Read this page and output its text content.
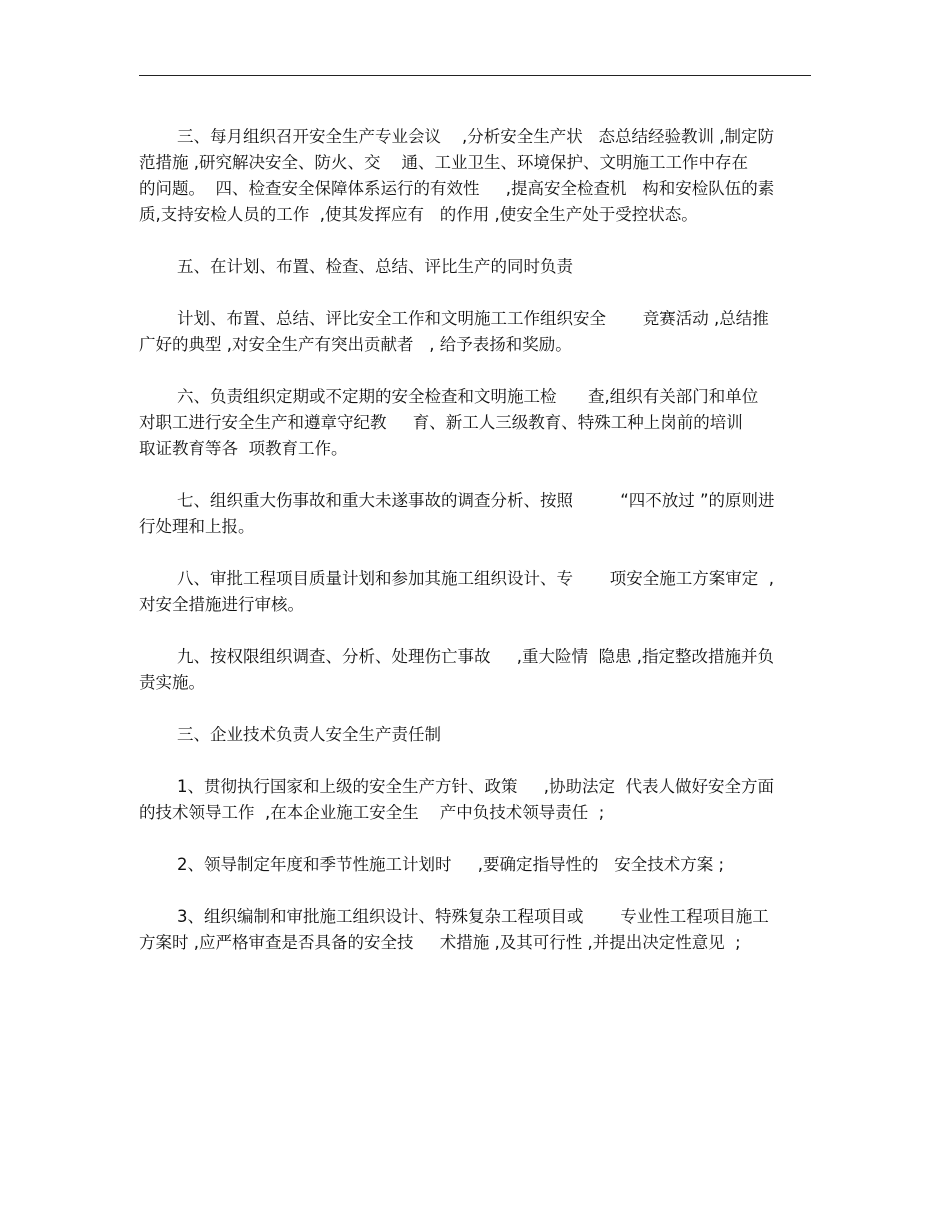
三、每月组织召开安全生产专业会议    ,分析安全生产状   态总结经验教训 ,制定防
范措施 ,研究解决安全、防火、交    通、工业卫生、环境保护、文明施工工作中存在
的问题。  四、检查安全保障体系运行的有效性     ,提高安全检查机   构和安检队伍的素
质,支持安检人员的工作  ,使其发挥应有   的作用 ,使安全生产处于受控状态。
五、在计划、布置、检查、总结、评比生产的同时负责
计划、布置、总结、评比安全工作和文明施工工作组织安全       竞赛活动 ,总结推
广好的典型 ,对安全生产有突出贡献者   , 给予表扬和奖励。
六、负责组织定期或不定期的安全检查和文明施工检      查,组织有关部门和单位
对职工进行安全生产和遵章守纪教     育、新工人三级教育、特殊工种上岗前的培训
取证教育等各  项教育工作。
七、组织重大伤事故和重大未遂事故的调查分析、按照         “四不放过 ”的原则进
行处理和上报。
八、审批工程项目质量计划和参加其施工组织设计、专       项安全施工方案审定  ,
对安全措施进行审核。
九、按权限组织调查、分析、处理伤亡事故     ,重大险情  隐患 ,指定整改措施并负
责实施。
三、企业技术负责人安全生产责任制
1、贯彻执行国家和上级的安全生产方针、政策     ,协助法定  代表人做好安全方面
的技术领导工作  ,在本企业施工安全生    产中负技术领导责任  ;
2、领导制定年度和季节性施工计划时     ,要确定指导性的   安全技术方案 ;
3、组织编制和审批施工组织设计、特殊复杂工程项目或       专业性工程项目施工
方案时 ,应严格审查是否具备的安全技     术措施 ,及其可行性 ,并提出决定性意见  ;
